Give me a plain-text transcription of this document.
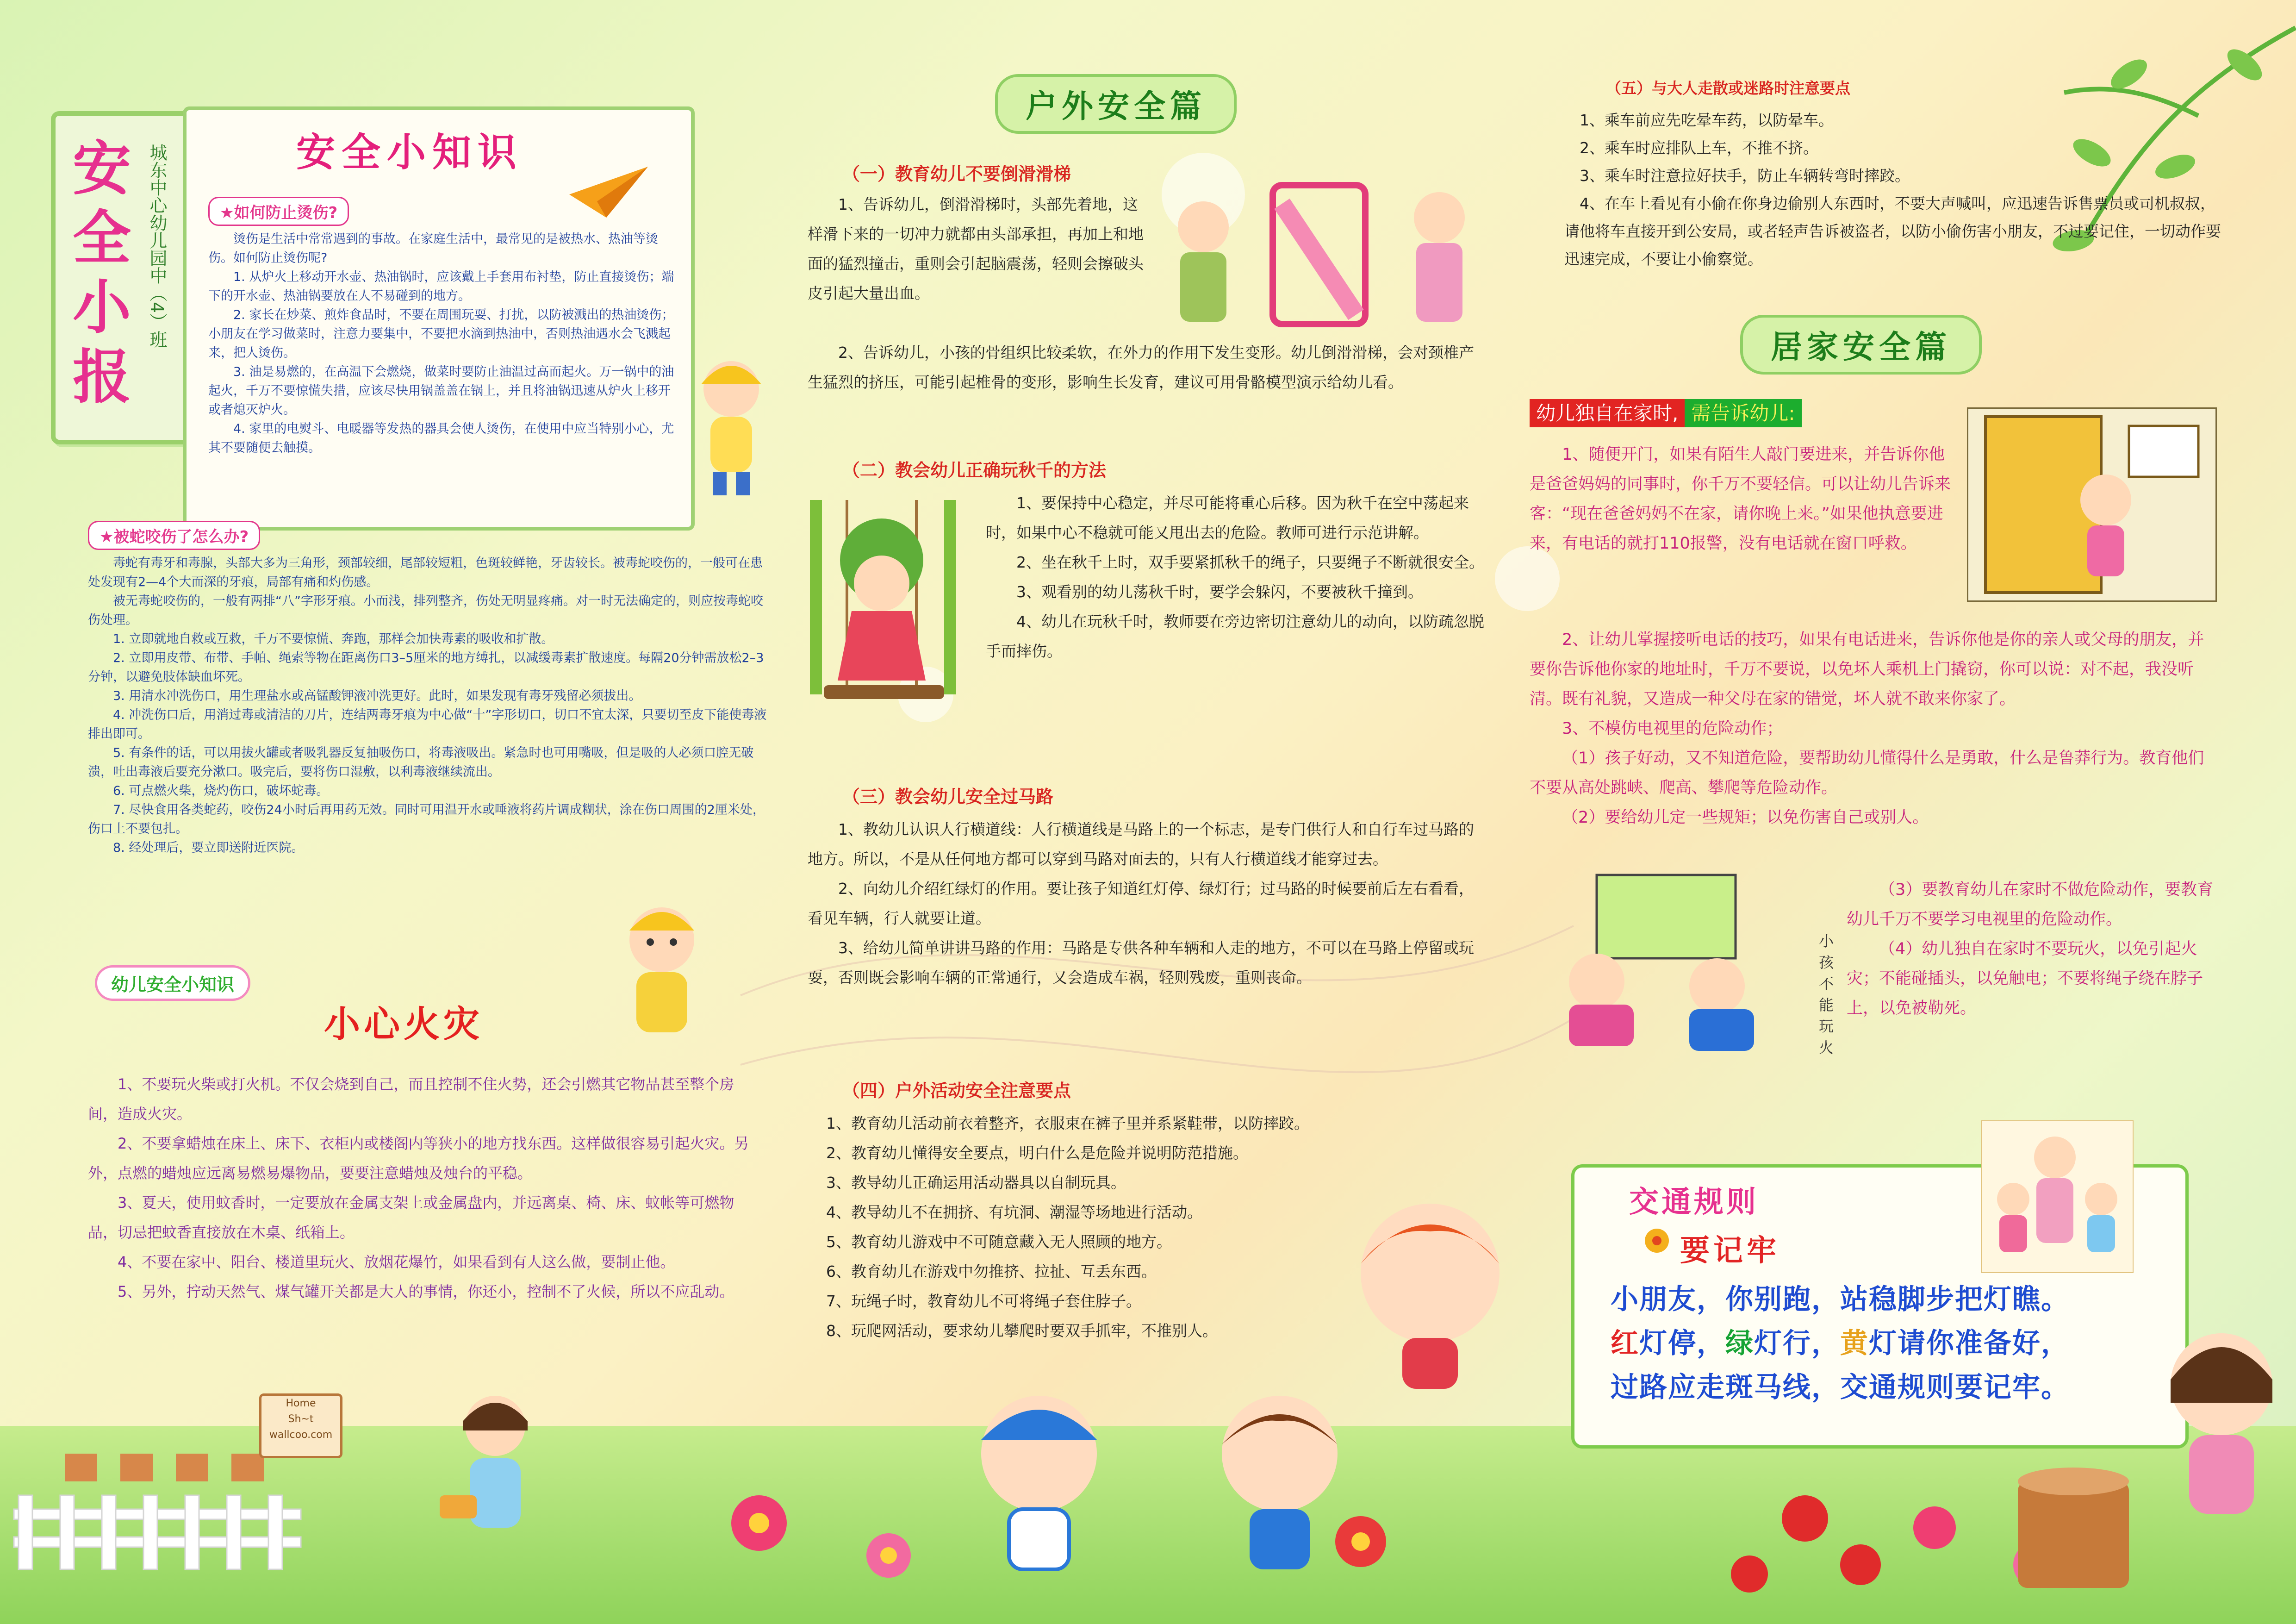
安全小报
城东中心幼儿园中（4）班	安全小知识
★如何防止烫伤?

烫伤是生活中常常遇到的事故。在家庭生活中，最常见的是被热水、热油等烫伤。如何防止烫伤呢?

1. 从炉火上移动开水壶、热油锅时，应该戴上手套用布衬垫，防止直接烫伤；端下的开水壶、热油锅要放在人不易碰到的地方。

2. 家长在炒菜、煎炸食品时，不要在周围玩耍、打扰，以防被溅出的热油烫伤；小朋友在学习做菜时，注意力要集中，不要把水滴到热油中，否则热油遇水会飞溅起来，把人烫伤。

3. 油是易燃的，在高温下会燃烧，做菜时要防止油温过高而起火。万一锅中的油起火，千万不要惊慌失措，应该尽快用锅盖盖在锅上，并且将油锅迅速从炉火上移开或者熄灭炉火。

4. 家里的电熨斗、电暖器等发热的器具会使人烫伤，在使用中应当特别小心，尤其不要随便去触摸。

★被蛇咬伤了怎么办?

毒蛇有毒牙和毒腺，头部大多为三角形，颈部较细，尾部较短粗，色斑较鲜艳，牙齿较长。被毒蛇咬伤的，一般可在患处发现有2—4个大而深的牙痕，局部有痛和灼伤感。

被无毒蛇咬伤的，一般有两排“八”字形牙痕。小而浅，排列整齐，伤处无明显疼痛。对一时无法确定的，则应按毒蛇咬伤处理。

1. 立即就地自救或互救，千万不要惊慌、奔跑，那样会加快毒素的吸收和扩散。

2. 立即用皮带、布带、手帕、绳索等物在距离伤口3–5厘米的地方缚扎，以减缓毒素扩散速度。每隔20分钟需放松2–3分钟，以避免肢体缺血坏死。

3. 用清水冲洗伤口，用生理盐水或高锰酸钾液冲洗更好。此时，如果发现有毒牙残留必须拔出。

4. 冲洗伤口后，用消过毒或清洁的刀片，连结两毒牙痕为中心做“十”字形切口，切口不宜太深，只要切至皮下能使毒液排出即可。

5. 有条件的话，可以用拔火罐或者吸乳器反复抽吸伤口，将毒液吸出。紧急时也可用嘴吸，但是吸的人必须口腔无破溃，吐出毒液后要充分漱口。吸完后，要将伤口湿敷，以利毒液继续流出。

6. 可点燃火柴，烧灼伤口，破坏蛇毒。

7. 尽快食用各类蛇药，咬伤24小时后再用药无效。同时可用温开水或唾液将药片调成糊状，涂在伤口周围的2厘米处，伤口上不要包扎。

8. 经处理后，要立即送附近医院。

幼儿安全小知识
小心火灾

1、不要玩火柴或打火机。不仅会烧到自己，而且控制不住火势，还会引燃其它物品甚至整个房间，造成火灾。

2、不要拿蜡烛在床上、床下、衣柜内或楼阁内等狭小的地方找东西。这样做很容易引起火灾。另外，点燃的蜡烛应远离易燃易爆物品，要要注意蜡烛及烛台的平稳。

3、夏天，使用蚊香时，一定要放在金属支架上或金属盘内，并远离桌、椅、床、蚊帐等可燃物品，切忌把蚊香直接放在木桌、纸箱上。

4、不要在家中、阳台、楼道里玩火、放烟花爆竹，如果看到有人这么做，要制止他。

5、另外，拧动天然气、煤气罐开关都是大人的事情，你还小，控制不了火候，所以不应乱动。

Home
Sh~t
wallcoo.com
户外安全篇
（一）教育幼儿不要倒滑滑梯

1、告诉幼儿，倒滑滑梯时，头部先着地，这样滑下来的一切冲力就都由头部承担，再加上和地面的猛烈撞击，重则会引起脑震荡，轻则会擦破头皮引起大量出血。

2、告诉幼儿，小孩的骨组织比较柔软，在外力的作用下发生变形。幼儿倒滑滑梯，会对颈椎产生猛烈的挤压，可能引起椎骨的变形，影响生长发育，建议可用骨骼模型演示给幼儿看。

（二）教会幼儿正确玩秋千的方法

1、要保持中心稳定，并尽可能将重心后移。因为秋千在空中荡起来时，如果中心不稳就可能又甩出去的危险。教师可进行示范讲解。

2、坐在秋千上时，双手要紧抓秋千的绳子，只要绳子不断就很安全。

3、观看别的幼儿荡秋千时，要学会躲闪，不要被秋千撞到。

4、幼儿在玩秋千时，教师要在旁边密切注意幼儿的动向，以防疏忽脱手而摔伤。

（三）教会幼儿安全过马路

1、教幼儿认识人行横道线：人行横道线是马路上的一个标志，是专门供行人和自行车过马路的地方。所以，不是从任何地方都可以穿到马路对面去的，只有人行横道线才能穿过去。

2、向幼儿介绍红绿灯的作用。要让孩子知道红灯停、绿灯行；过马路的时候要前后左右看看，看见车辆，行人就要让道。

3、给幼儿简单讲讲马路的作用：马路是专供各种车辆和人走的地方，不可以在马路上停留或玩耍，否则既会影响车辆的正常通行，又会造成车祸，轻则残废，重则丧命。

（四）户外活动安全注意要点

1、教育幼儿活动前衣着整齐，衣服束在裤子里并系紧鞋带，以防摔跤。

2、教育幼儿懂得安全要点，明白什么是危险并说明防范措施。

3、教导幼儿正确运用活动器具以自制玩具。

4、教导幼儿不在拥挤、有坑洞、潮湿等场地进行活动。

5、教育幼儿游戏中不可随意藏入无人照顾的地方。

6、教育幼儿在游戏中勿推挤、拉扯、互丢东西。

7、玩绳子时，教育幼儿不可将绳子套住脖子。

8、玩爬网活动，要求幼儿攀爬时要双手抓牢，不推别人。

（五）与大人走散或迷路时注意要点

1、乘车前应先吃晕车药，以防晕车。

2、乘车时应排队上车，不推不挤。

3、乘车时注意拉好扶手，防止车辆转弯时摔跤。

4、在车上看见有小偷在你身边偷别人东西时，不要大声喊叫，应迅速告诉售票员或司机叔叔，请他将车直接开到公安局，或者轻声告诉被盗者，以防小偷伤害小朋友，不过要记住，一切动作要迅速完成，不要让小偷察觉。

居家安全篇
幼儿独自在家时, 需告诉幼儿:

1、随便开门，如果有陌生人敲门要进来，并告诉你他是爸爸妈妈的同事时，你千万不要轻信。可以让幼儿告诉来客：“现在爸爸妈妈不在家，请你晚上来。”如果他执意要进来，有电话的就打110报警，没有电话就在窗口呼救。

2、让幼儿掌握接听电话的技巧，如果有电话进来，告诉你他是你的亲人或父母的朋友，并要你告诉他你家的地址时，千万不要说，以免坏人乘机上门撬窃，你可以说：对不起，我没听清。既有礼貌，又造成一种父母在家的错觉，坏人就不敢来你家了。

3、不模仿电视里的危险动作；

（1）孩子好动，又不知道危险，要帮助幼儿懂得什么是勇敢，什么是鲁莽行为。教育他们不要从高处跳峡、爬高、攀爬等危险动作。

（2）要给幼儿定一些规矩；以免伤害自己或别人。

（3）要教育幼儿在家时不做危险动作，要教育幼儿千万不要学习电视里的危险动作。

（4）幼儿独自在家时不要玩火，以免引起火灾；不能碰插头，以免触电；不要将绳子绕在脖子上，以免被勒死。

小孩不能玩火
交通规则
要记牢
小朋友，你别跑，站稳脚步把灯瞧。
红灯停，绿灯行，黄灯请你准备好，
过路应走斑马线，交通规则要记牢。
